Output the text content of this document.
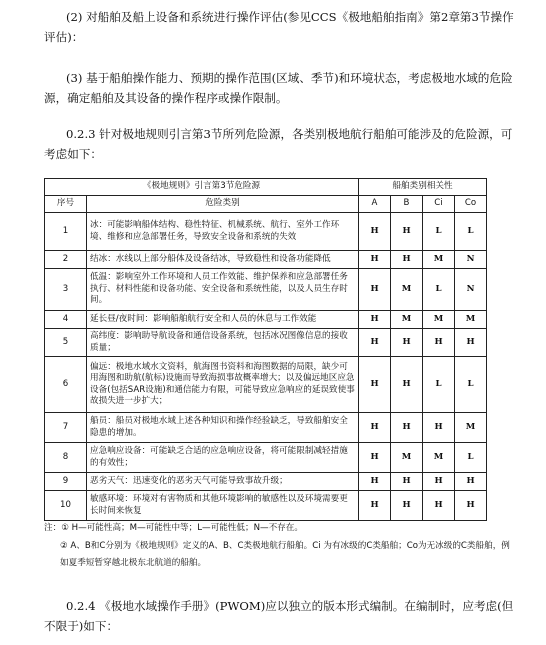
(2) 对船舶及船上设备和系统进行操作评估(参见CCS《极地船舶指南》第2章第3节操作评估)：

(3) 基于船舶操作能力、预期的操作范围(区域、季节)和环境状态，考虑极地水域的危险源，确定船舶及其设备的操作程序或操作限制。

0.2.3 针对极地规则引言第3节所列危险源，各类别极地航行船舶可能涉及的危险源，可考虑如下：

《极地规则》引言第3节危险源		船舶类别相关性			
序号	危险类别	A	B	Ci	Co
1	冰：可能影响船体结构、稳性特征、机械系统、航行、室外工作环境、维修和应急部署任务，导致安全设备和系统的失效	H	H	L	L
2	结冰：水线以上部分船体及设备结冰，导致稳性和设备功能降低	H	H	M	N
3	低温：影响室外工作环境和人员工作效能、维护保养和应急部署任务执行、材料性能和设备功能、安全设备和系统性能，以及人员生存时间。	H	M	L	N
4	延长昼/夜时间：影响船舶航行安全和人员的休息与工作效能	H	M	M	M
5	高纬度：影响助导航设备和通信设备系统，包括冰况图像信息的接收质量；	H	H	H	H
6	偏远：极地水域水文资料，航海图书资料和海图数据的局限，缺少可用海图和助航(航标)设施而导致海损事故概率增大；以及偏远地区应急设备(包括SAR设施)和通信能力有限，可能导致应急响应的延误致使事故损失进一步扩大；	H	H	L	L
7	船员：船员对极地水域上述各种知识和操作经验缺乏，导致船舶安全隐患的增加。	H	H	H	M
8	应急响应设备：可能缺乏合适的应急响应设备，将可能限制减轻措施的有效性；	H	M	M	L
9	恶劣天气：迅速变化的恶劣天气可能导致事故升级；	H	H	H	H
10	敏感环境：环境对有害物质和其他环境影响的敏感性以及环境需要更长时间来恢复	H	H	H	H
注：① H—可能性高；M—可能性中等；L—可能性低；N—不存在。
② A、B和C分别为《极地规则》定义的A、B、C类极地航行船舶。Ci 为有冰级的C类船舶；Co为无冰级的C类船舶，例如夏季短暂穿越北极东北航道的船舶。

0.2.4 《极地水域操作手册》(PWOM)应以独立的版本形式编制。在编制时，应考虑(但不限于)如下：
